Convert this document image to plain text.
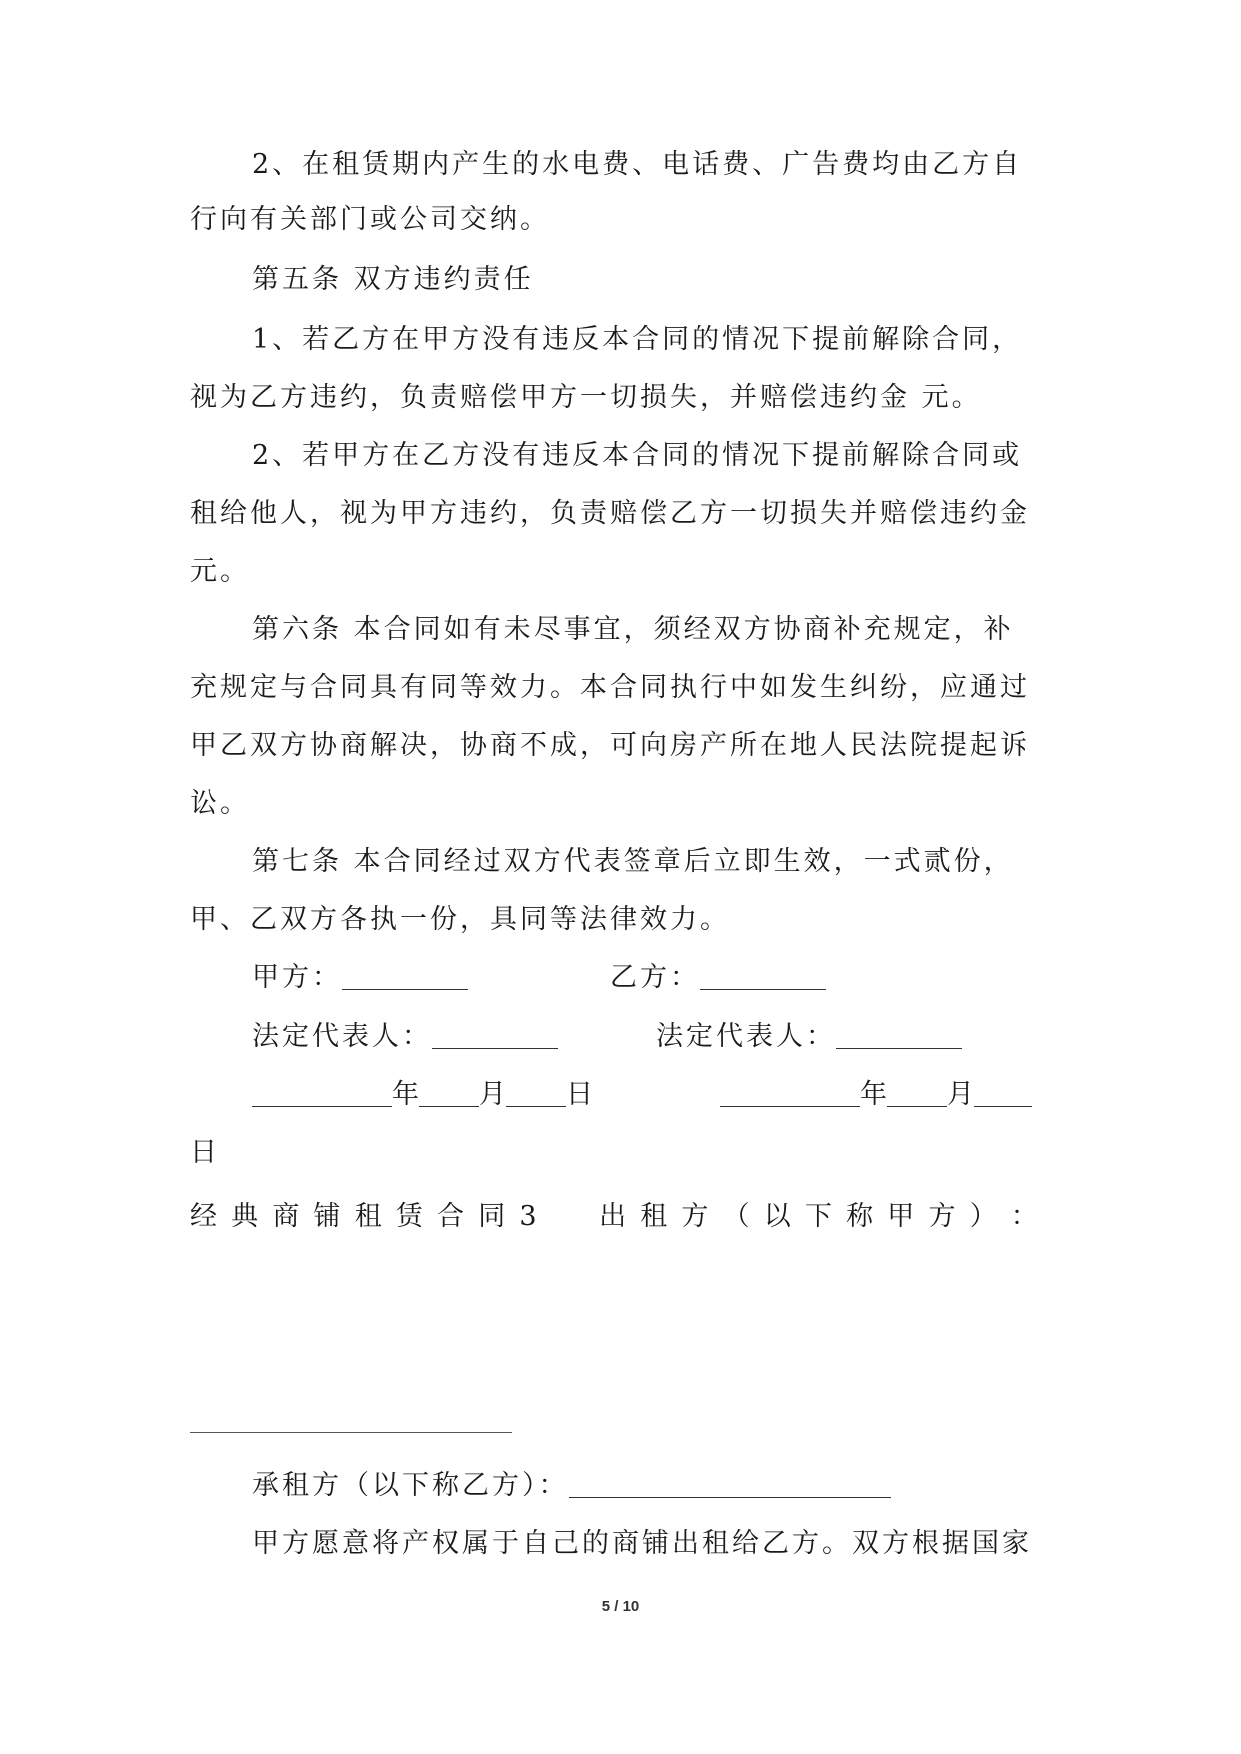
2、在租赁期内产生的水电费、电话费、广告费均由乙方自
行向有关部门或公司交纳。
第五条 双方违约责任
1、若乙方在甲方没有违反本合同的情况下提前解除合同，
视为乙方违约，负责赔偿甲方一切损失，并赔偿违约金 元。
2、若甲方在乙方没有违反本合同的情况下提前解除合同或
租给他人，视为甲方违约，负责赔偿乙方一切损失并赔偿违约金
元。
第六条 本合同如有未尽事宜，须经双方协商补充规定，补
充规定与合同具有同等效力。本合同执行中如发生纠纷，应通过
甲乙双方协商解决，协商不成，可向房产所在地人民法院提起诉
讼。
第七条 本合同经过双方代表签章后立即生效，一式贰份，
甲、乙双方各执一份，具同等法律效力。
甲方：	乙方：
法定代表人：	法定代表人：
年 月 日	年 月
日
经 典 商 铺 租 赁 合 同 3 出 租 方 （ 以 下 称 甲 方 ） ：
承租方（以下称乙方）：
甲方愿意将产权属于自己的商铺出租给乙方。双方根据国家
5 / 10
